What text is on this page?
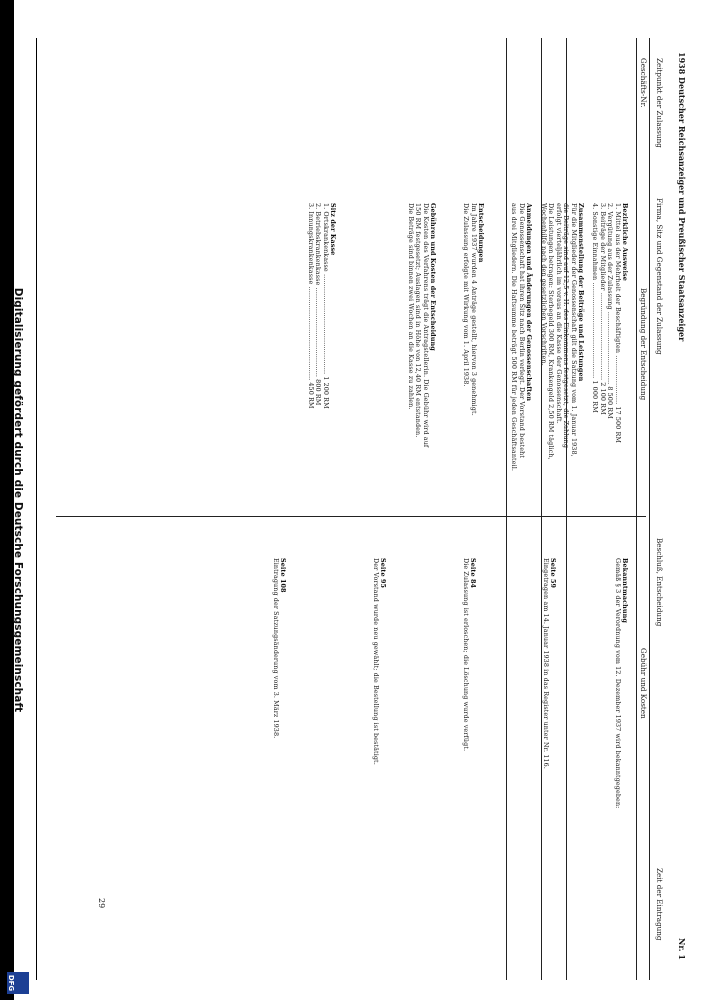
Digitalisierung gefördert durch die Deutsche Forschungsgemeinschaft
DFG
1938 Deutscher Reichsanzeiger und Preußischer Staatsanzeiger
Nr. 1
Zeitpunkt der Zulassung
Geschäfts-Nr.
Firma, Sitz und Gegenstand der Zulassung
Begründung der Entscheidung
Beschluß, Entscheidung
Gebühr und Kosten
Zeit der Eintragung
Bezirkliche Ausweise
1. Mittel aus der Mehrheit der Beschäftigten ....................... 17 500 RM
2. Vergütung aus der Zulassung .................................. 8 500 RM
3. Beiträge der Mitglieder ......................................... 2 100 RM
4. Sonstige Einnahmen ............................................. 1 000 RM
Zusammenstellung der Beiträge und Leistungen
Für die Mitglieder der Genossenschaft gilt die Satzung vom 1. Januar 1938,
die Beiträge sind auf 12,5 v. H. des Einkommens festgesetzt; die Zahlung
erfolgt vierteljährlich im voraus an die Kasse der Genossenschaft.
Die Leistungen betragen: Sterbegeld 300 RM, Krankengeld 2,50 RM täglich,
Wochenhilfe nach den gesetzlichen Vorschriften.
Anmeldungen und Änderungen der Genossenschaften
Die Genossenschaft hat ihren Sitz nach Berlin verlegt. Der Vorstand besteht
aus drei Mitgliedern. Die Haftsumme beträgt 500 RM für jeden Geschäftsanteil.
Entscheidungen
Im Jahre 1937 wurden 4 Anträge gestellt, hiervon 3 genehmigt.
Die Zulassung erfolgte mit Wirkung vom 1. April 1938.
Gebühren und Kosten der Entscheidung
Die Kosten des Verfahrens trägt die Antragstellerin. Die Gebühr wird auf
150 RM festgesetzt; Auslagen sind in Höhe von 12,40 RM entstanden.
Die Beträge sind binnen zwei Wochen an die Kasse zu zahlen.
Sitz der Kasse
1. Ortskrankenkasse ............................................... 1 200 RM
2. Betriebskrankenkasse .......................................... 800 RM
3. Innungskrankenkasse ............................................ 450 RM
Bekanntmachung
Gemäß § 3 der Verordnung vom 12. Dezember 1937 wird bekanntgegeben:
Seite 59
Eingetragen am 14. Januar 1938 in das Register unter Nr. 116.
Seite 84
Die Zulassung ist erloschen; die Löschung wurde verfügt.
Seite 95
Der Vorstand wurde neu gewählt; die Bestellung ist bestätigt.
Seite 108
Eintragung der Satzungsänderung vom 3. März 1938.
29
